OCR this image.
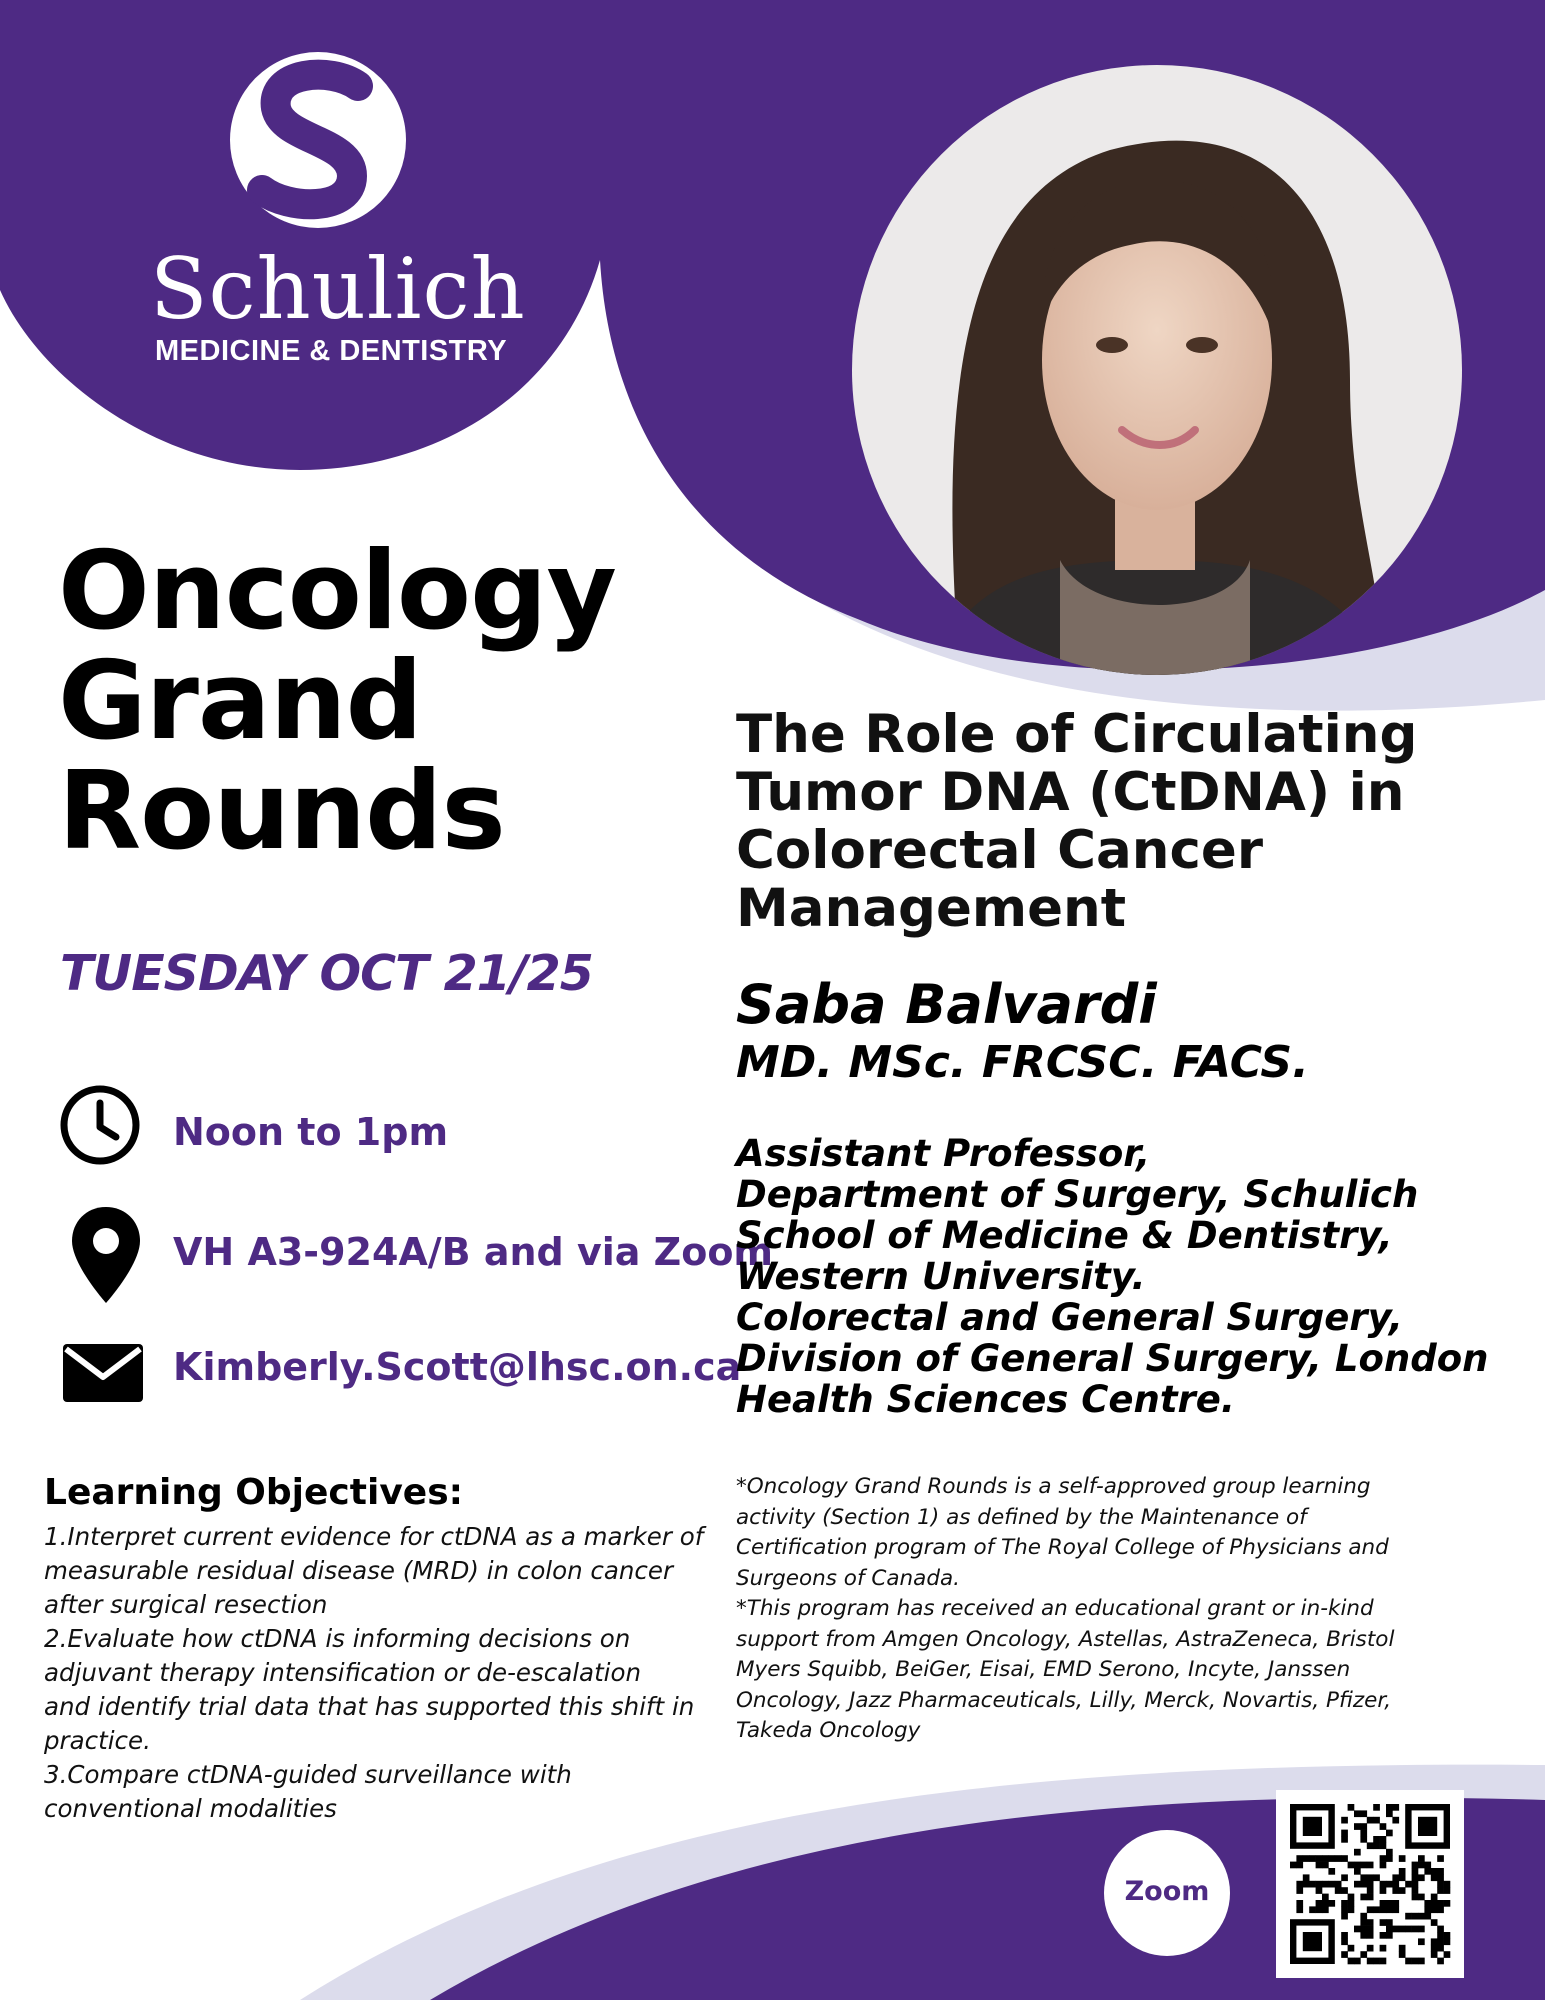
Schulich
MEDICINE & DENTISTRY
Oncology
Grand
Rounds
TUESDAY OCT 21/25
Noon to 1pm
VH A3-924A/B and via Zoom
Kimberly.Scott@lhsc.on.ca
The Role of Circulating
Tumor DNA (CtDNA) in
Colorectal Cancer
Management
Saba Balvardi
MD. MSc. FRCSC. FACS.
Assistant Professor,
Department of Surgery, Schulich
School of Medicine & Dentistry,
Western University.
Colorectal and General Surgery,
Division of General Surgery, London
Health Sciences Centre.
Learning Objectives:
1.Interpret current evidence for ctDNA as a marker of
measurable residual disease (MRD) in colon cancer
after surgical resection
2.Evaluate how ctDNA is informing decisions on
adjuvant therapy intensification or de-escalation
and identify trial data that has supported this shift in
practice.
3.Compare ctDNA-guided surveillance with
conventional modalities

*Oncology Grand Rounds is a self-approved group learning

activity (Section 1) as defined by the Maintenance of

Certification program of The Royal College of Physicians and

Surgeons of Canada.

*This program has received an educational grant or in-kind

support from Amgen Oncology, Astellas, AstraZeneca, Bristol

Myers Squibb, BeiGer, Eisai, EMD Serono, Incyte, Janssen

Oncology, Jazz Pharmaceuticals, Lilly, Merck, Novartis, Pfizer,

Takeda Oncology

Zoom
